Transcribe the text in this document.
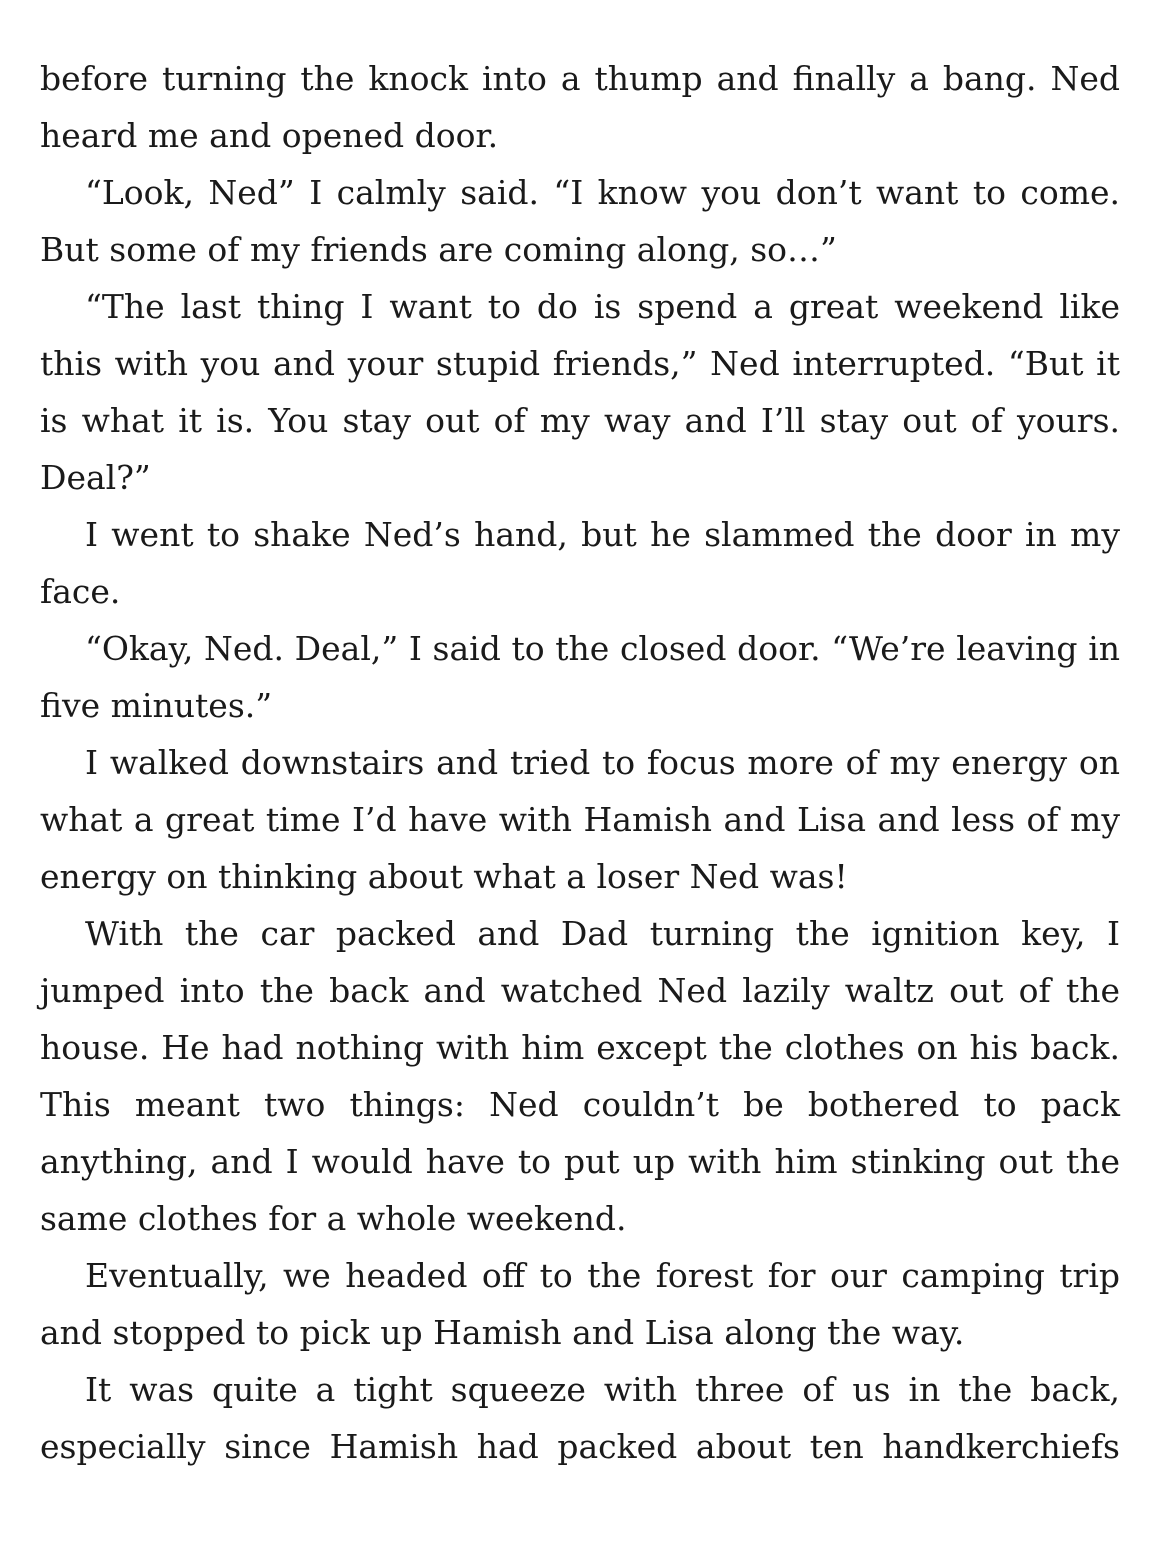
before turning the knock into a thump and finally a bang. Ned heard me and opened door.

“Look, Ned” I calmly said. “I know you don’t want to come. But some of my friends are coming along, so…”

“The last thing I want to do is spend a great weekend like this with you and your stupid friends,” Ned interrupted. “But it is what it is. You stay out of my way and I’ll stay out of yours. Deal?”

I went to shake Ned’s hand, but he slammed the door in my face.

“Okay, Ned. Deal,” I said to the closed door. “We’re leaving in five minutes.”

I walked downstairs and tried to focus more of my energy on what a great time I’d have with Hamish and Lisa and less of my energy on thinking about what a loser Ned was!

With the car packed and Dad turning the ignition key, I jumped into the back and watched Ned lazily waltz out of the house. He had nothing with him except the clothes on his back. This meant two things: Ned couldn’t be bothered to pack anything, and I would have to put up with him stinking out the same clothes for a whole weekend.

Eventually, we headed off to the forest for our camping trip and stopped to pick up Hamish and Lisa along the way.

It was quite a tight squeeze with three of us in the back, especially since Hamish had packed about ten handkerchiefs
